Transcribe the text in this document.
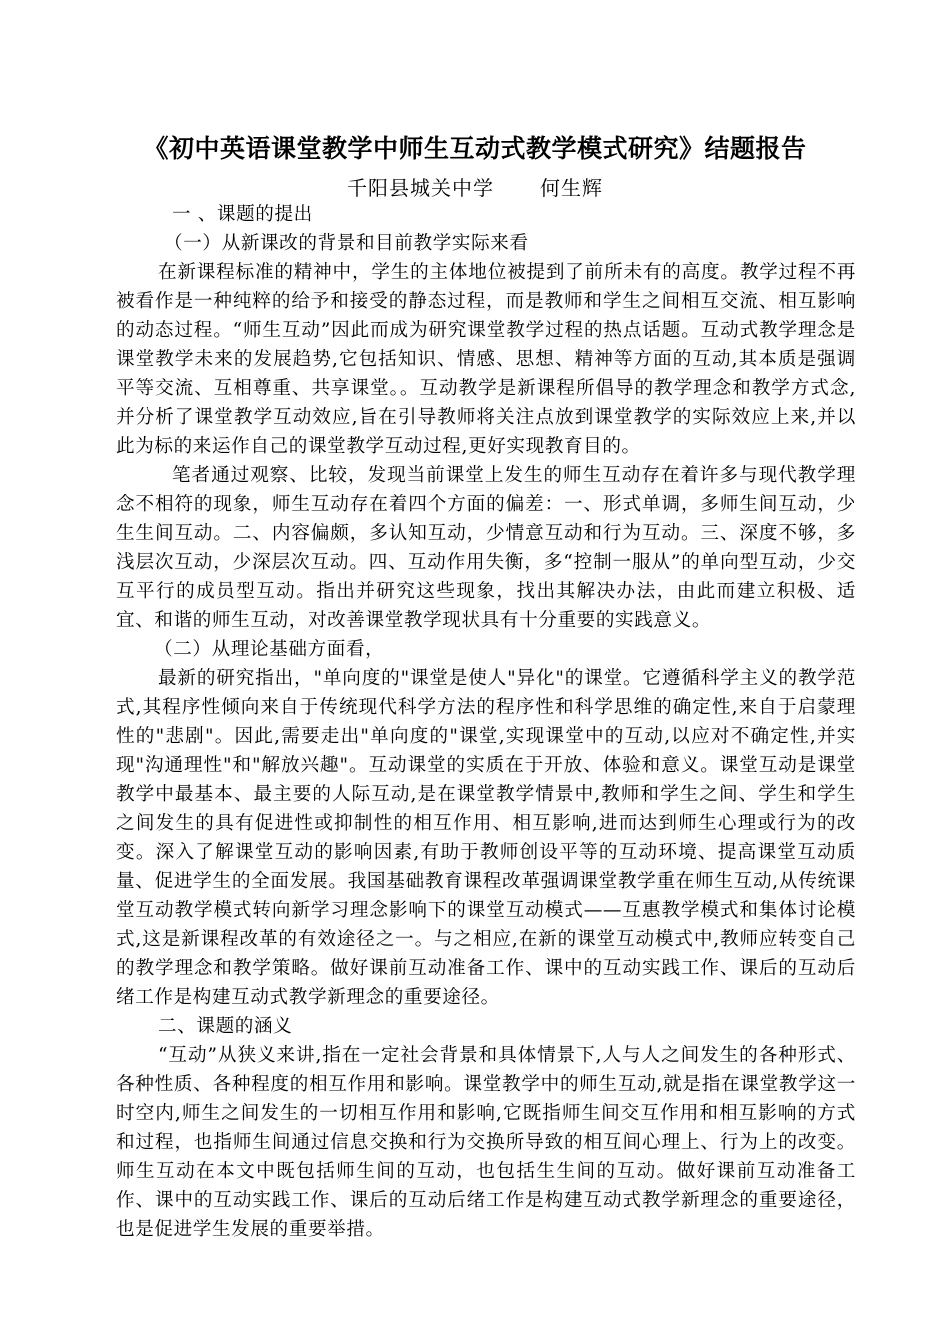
《初中英语课堂教学中师生互动式教学模式研究》结题报告
千阳县城关中学 何生辉

一 、课题的提出

（一）从新课改的背景和目前教学实际来看

在新课程标准的精神中，学生的主体地位被提到了前所未有的高度。教学过程不再被看作是一种纯粹的给予和接受的静态过程，而是教师和学生之间相互交流、相互影响的动态过程。“师生互动”因此而成为研究课堂教学过程的热点话题。互动式教学理念是课堂教学未来的发展趋势,它包括知识、情感、思想、精神等方面的互动,其本质是强调平等交流、互相尊重、共享课堂。。互动教学是新课程所倡导的教学理念和教学方式念,并分析了课堂教学互动效应,旨在引导教师将关注点放到课堂教学的实际效应上来,并以此为标的来运作自己的课堂教学互动过程,更好实现教育目的。

笔者通过观察、比较，发现当前课堂上发生的师生互动存在着许多与现代教学理念不相符的现象，师生互动存在着四个方面的偏差：一、形式单调，多师生间互动，少生生间互动。二、内容偏颇，多认知互动，少情意互动和行为互动。三、深度不够，多浅层次互动，少深层次互动。四、互动作用失衡，多“控制一服从”的单向型互动，少交互平行的成员型互动。指出并研究这些现象，找出其解决办法，由此而建立积极、适宜、和谐的师生互动，对改善课堂教学现状具有十分重要的实践意义。

（二）从理论基础方面看，

最新的研究指出，"单向度的"课堂是使人"异化"的课堂。它遵循科学主义的教学范式,其程序性倾向来自于传统现代科学方法的程序性和科学思维的确定性,来自于启蒙理性的"悲剧"。因此,需要走出"单向度的"课堂,实现课堂中的互动,以应对不确定性,并实现"沟通理性"和"解放兴趣"。互动课堂的实质在于开放、体验和意义。课堂互动是课堂教学中最基本、最主要的人际互动,是在课堂教学情景中,教师和学生之间、学生和学生之间发生的具有促进性或抑制性的相互作用、相互影响,进而达到师生心理或行为的改变。深入了解课堂互动的影响因素,有助于教师创设平等的互动环境、提高课堂互动质量、促进学生的全面发展。我国基础教育课程改革强调课堂教学重在师生互动,从传统课堂互动教学模式转向新学习理念影响下的课堂互动模式——互惠教学模式和集体讨论模式,这是新课程改革的有效途径之一。与之相应,在新的课堂互动模式中,教师应转变自己的教学理念和教学策略。做好课前互动准备工作、课中的互动实践工作、课后的互动后绪工作是构建互动式教学新理念的重要途径。

二、课题的涵义

“互动”从狭义来讲,指在一定社会背景和具体情景下,人与人之间发生的各种形式、各种性质、各种程度的相互作用和影响。课堂教学中的师生互动,就是指在课堂教学这一时空内,师生之间发生的一切相互作用和影响,它既指师生间交互作用和相互影响的方式和过程，也指师生间通过信息交换和行为交换所导致的相互间心理上、行为上的改变。师生互动在本文中既包括师生间的互动，也包括生生间的互动。做好课前互动准备工作、课中的互动实践工作、课后的互动后绪工作是构建互动式教学新理念的重要途径，也是促进学生发展的重要举措。
